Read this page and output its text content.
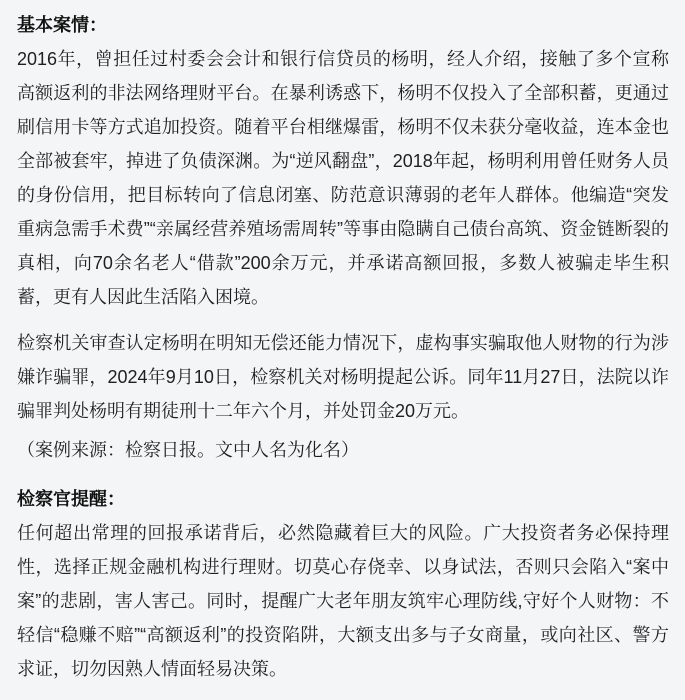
基本案情：

2016年，曾担任过村委会会计和银行信贷员的杨明，经人介绍，接触了多个宣称高额返利的非法网络理财平台。在暴利诱惑下，杨明不仅投入了全部积蓄，更通过刷信用卡等方式追加投资。随着平台相继爆雷，杨明不仅未获分毫收益，连本金也全部被套牢，掉进了负债深渊。为“逆风翻盘”，2018年起，杨明利用曾任财务人员的身份信用，把目标转向了信息闭塞、防范意识薄弱的老年人群体。他编造“突发重病急需手术费”“亲属经营养殖场需周转”等事由隐瞒自己债台高筑、资金链断裂的真相，向70余名老人“借款”200余万元，并承诺高额回报，多数人被骗走毕生积蓄，更有人因此生活陷入困境。

检察机关审查认定杨明在明知无偿还能力情况下，虚构事实骗取他人财物的行为涉嫌诈骗罪，2024年9月10日，检察机关对杨明提起公诉。同年11月27日，法院以诈骗罪判处杨明有期徒刑十二年六个月，并处罚金20万元。

（案例来源：检察日报。文中人名为化名）

检察官提醒：

任何超出常理的回报承诺背后，必然隐藏着巨大的风险。广大投资者务必保持理性，选择正规金融机构进行理财。切莫心存侥幸、以身试法，否则只会陷入“案中案”的悲剧，害人害己。同时，提醒广大老年朋友筑牢心理防线,守好个人财物：不轻信“稳赚不赔”“高额返利”的投资陷阱，大额支出多与子女商量，或向社区、警方求证，切勿因熟人情面轻易决策。
